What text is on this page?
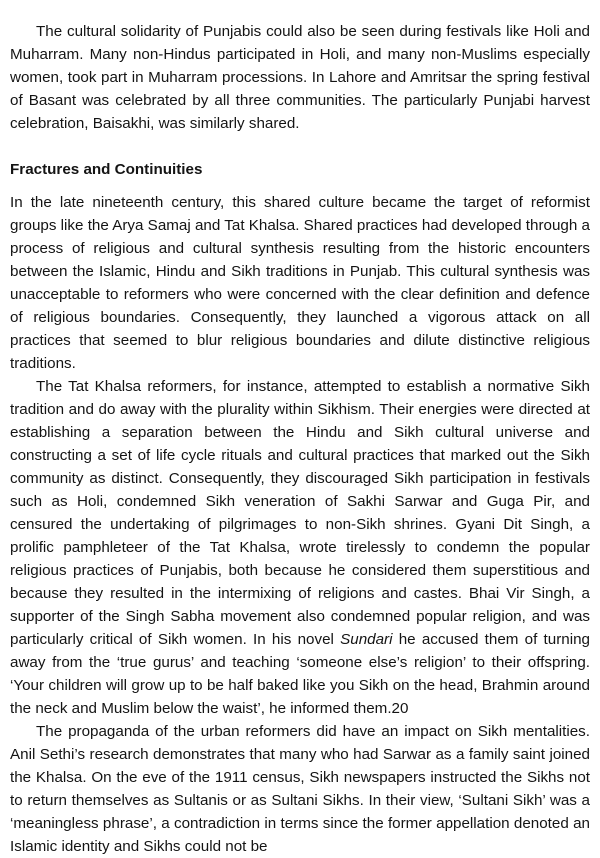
The cultural solidarity of Punjabis could also be seen during festivals like Holi and Muharram. Many non-Hindus participated in Holi, and many non-Muslims especially women, took part in Muharram processions. In Lahore and Amritsar the spring festival of Basant was celebrated by all three communities. The particularly Punjabi harvest celebration, Baisakhi, was similarly shared.

Fractures and Continuities

In the late nineteenth century, this shared culture became the target of reformist groups like the Arya Samaj and Tat Khalsa. Shared practices had developed through a process of religious and cultural synthesis resulting from the historic encounters between the Islamic, Hindu and Sikh traditions in Punjab. This cultural synthesis was unacceptable to reformers who were concerned with the clear definition and defence of religious boundaries. Consequently, they launched a vigorous attack on all practices that seemed to blur religious boundaries and dilute distinctive religious traditions.

The Tat Khalsa reformers, for instance, attempted to establish a normative Sikh tradition and do away with the plurality within Sikhism. Their energies were directed at establishing a separation between the Hindu and Sikh cultural universe and constructing a set of life cycle rituals and cultural practices that marked out the Sikh community as distinct. Consequently, they discouraged Sikh participation in festivals such as Holi, condemned Sikh veneration of Sakhi Sarwar and Guga Pir, and censured the undertaking of pilgrimages to non-Sikh shrines. Gyani Dit Singh, a prolific pamphleteer of the Tat Khalsa, wrote tirelessly to condemn the popular religious practices of Punjabis, both because he considered them superstitious and because they resulted in the intermixing of religions and castes. Bhai Vir Singh, a supporter of the Singh Sabha movement also condemned popular religion, and was particularly critical of Sikh women. In his novel Sundari he accused them of turning away from the ‘true gurus’ and teaching ‘someone else’s religion’ to their offspring. ‘Your children will grow up to be half baked like you Sikh on the head, Brahmin around the neck and Muslim below the waist’, he informed them.20

The propaganda of the urban reformers did have an impact on Sikh mentalities. Anil Sethi’s research demonstrates that many who had Sarwar as a family saint joined the Khalsa. On the eve of the 1911 census, Sikh newspapers instructed the Sikhs not to return themselves as Sultanis or as Sultani Sikhs. In their view, ‘Sultani Sikh’ was a ‘meaningless phrase’, a contradiction in terms since the former appellation denoted an Islamic identity and Sikhs could not be
